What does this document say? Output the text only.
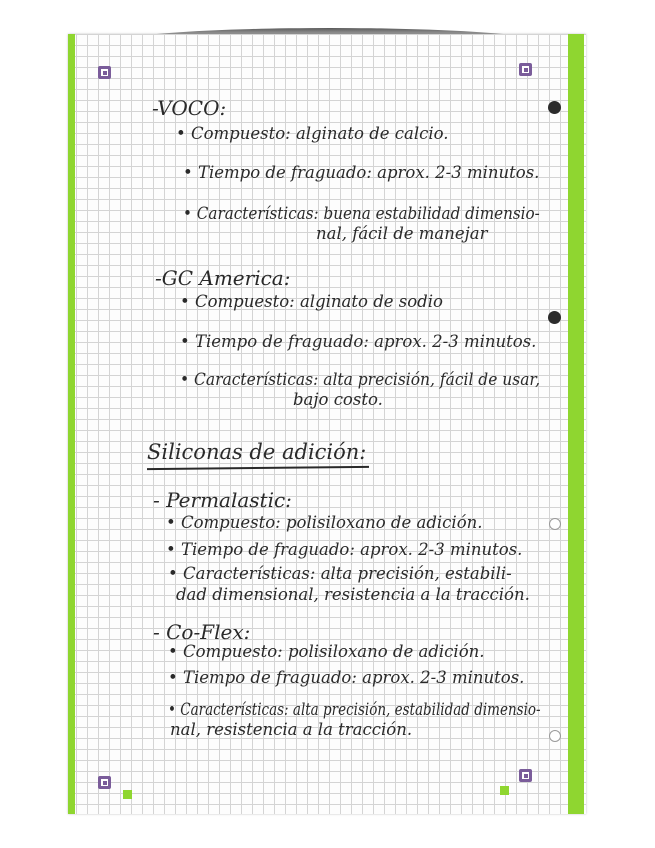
-VOCO:
• Compuesto: alginato de calcio.
• Tiempo de fraguado: aprox. 2-3 minutos.
• Características: buena estabilidad dimensio-
nal, fácil de manejar
-GC America:
• Compuesto: alginato de sodio
• Tiempo de fraguado: aprox. 2-3 minutos.
• Características: alta precisión, fácil de usar,
bajo costo.
Siliconas de adición:
- Permalastic:
• Compuesto: polisiloxano de adición.
• Tiempo de fraguado: aprox. 2-3 minutos.
• Características: alta precisión, estabili-
dad dimensional, resistencia a la tracción.
- Co-Flex:
• Compuesto: polisiloxano de adición.
• Tiempo de fraguado: aprox. 2-3 minutos.
• Características: alta precisión, estabilidad dimensio-
nal, resistencia a la tracción.
